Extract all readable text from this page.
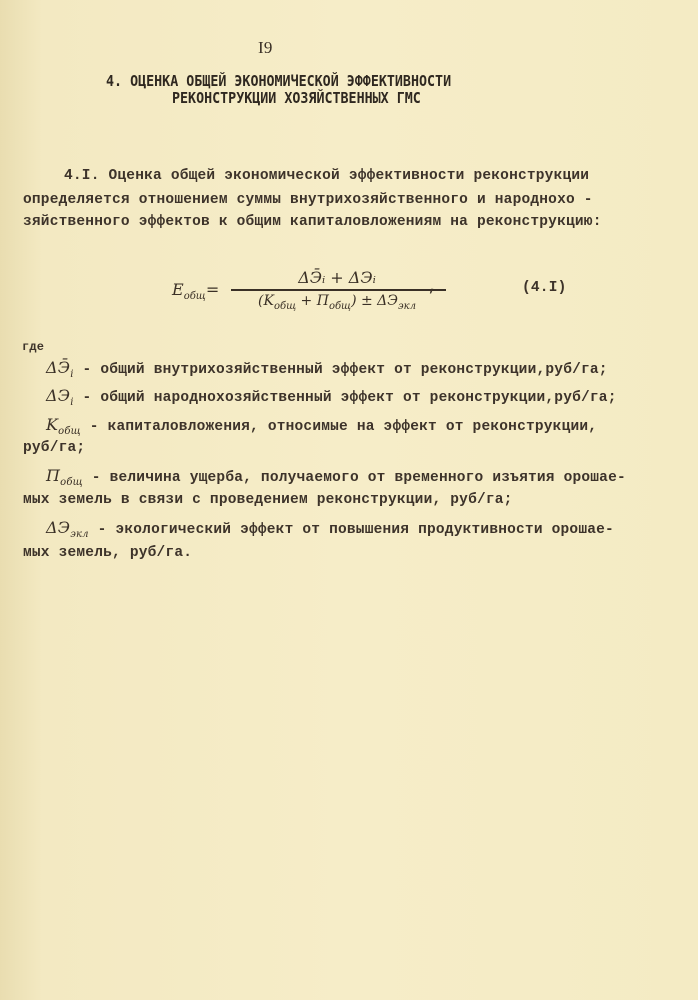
I9
4. ОЦЕНКА ОБЩЕЙ ЭКОНОМИЧЕСКОЙ ЭФФЕКТИВНОСТИ
РЕКОНСТРУКЦИИ ХОЗЯЙСТВЕННЫХ ГМС
4.I. Оценка общей экономической эффективности реконструкции
определяется отношением суммы внутрихозяйственного и народнохо -
зяйственного эффектов к общим капиталовложениям на реконструкцию:
$E_{общ}=$
ΔЭ̄ᵢ + ΔЭᵢ
$(K_{общ} + П_{общ}) \pm \Delta Э_{экл}$
,	(4.I)
где
$\Delta Э̄_i$ - общий внутрихозяйственный эффект от реконструкции,руб/га;
$\Delta Э_i$ - общий народнохозяйственный эффект от реконструкции,руб/га;
$K_{общ}$ - капиталовложения, относимые на эффект от реконструкции,
руб/га;
$П_{общ}$ - величина ущерба, получаемого от временного изъятия орошае-
мых земель в связи с проведением реконструкции, руб/га;
$\Delta Э_{экл}$ - экологический эффект от повышения продуктивности орошае-
мых земель, руб/га.
